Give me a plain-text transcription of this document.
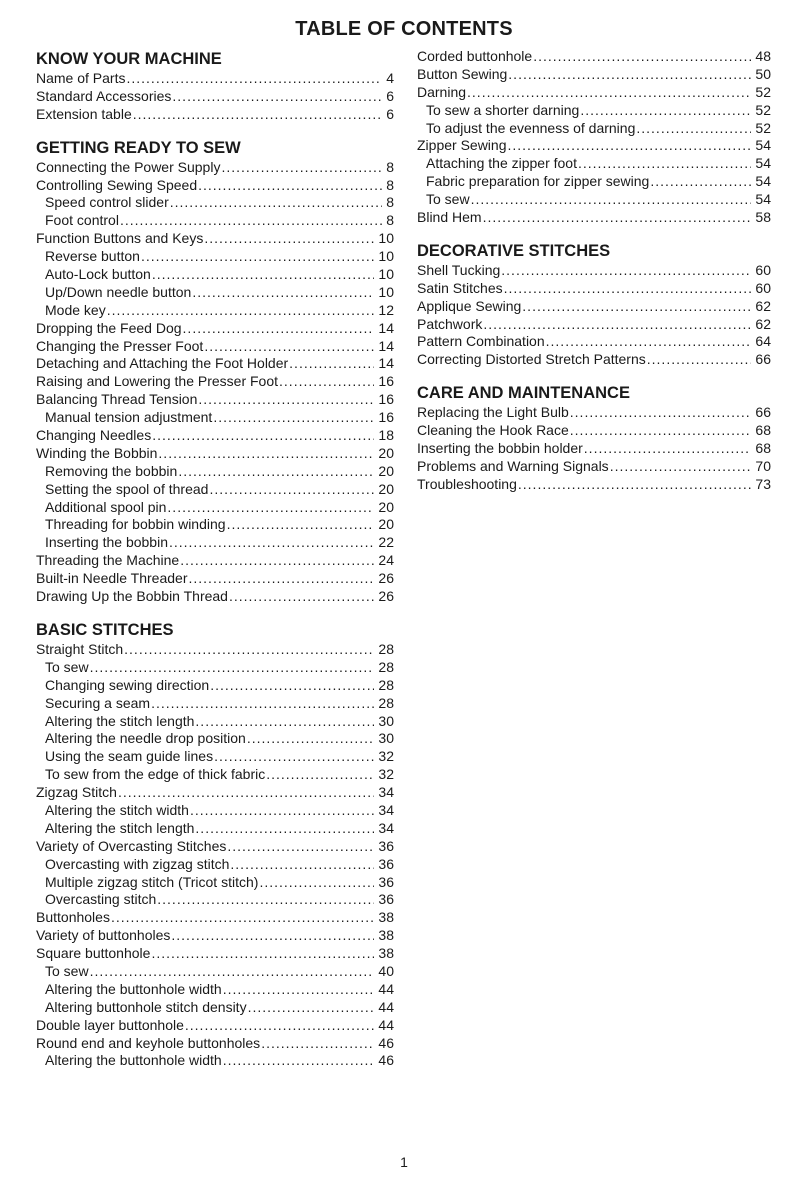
TABLE OF CONTENTS
KNOW YOUR MACHINE
Name of Parts .....	4
Standard Accessories .....	6
Extension table .....	6
GETTING READY TO SEW
Connecting the Power Supply .....	8
Controlling Sewing Speed .....	8
Speed control slider .....	8
Foot control .....	8
Function Buttons and Keys .....	10
Reverse button .....	10
Auto-Lock button .....	10
Up/Down needle button .....	10
Mode key .....	12
Dropping the Feed Dog .....	14
Changing the Presser Foot .....	14
Detaching and Attaching the Foot Holder .....	14
Raising and Lowering the Presser Foot .....	16
Balancing Thread Tension .....	16
Manual tension adjustment .....	16
Changing Needles .....	18
Winding the Bobbin .....	20
Removing the bobbin .....	20
Setting the spool of thread .....	20
Additional spool pin .....	20
Threading for bobbin winding .....	20
Inserting the bobbin .....	22
Threading the Machine .....	24
Built-in Needle Threader .....	26
Drawing Up the Bobbin Thread .....	26
BASIC STITCHES
Straight Stitch .....	28
To sew .....	28
Changing sewing direction .....	28
Securing a seam .....	28
Altering the stitch length .....	30
Altering the needle drop position .....	30
Using the seam guide lines .....	32
To sew from the edge of thick fabric .....	32
Zigzag Stitch .....	34
Altering the stitch width .....	34
Altering the stitch length .....	34
Variety of Overcasting Stitches .....	36
Overcasting with zigzag stitch .....	36
Multiple zigzag stitch (Tricot stitch) .....	36
Overcasting stitch .....	36
Buttonholes .....	38
Variety of buttonholes .....	38
Square buttonhole .....	38
To sew .....	40
Altering the buttonhole width .....	44
Altering buttonhole stitch density .....	44
Double layer buttonhole .....	44
Round end and keyhole buttonholes .....	46
Altering the buttonhole width .....	46
Corded buttonhole .....	48
Button Sewing .....	50
Darning .....	52
To sew a shorter darning .....	52
To adjust the evenness of darning .....	52
Zipper Sewing .....	54
Attaching the zipper foot .....	54
Fabric preparation for zipper sewing .....	54
To sew .....	54
Blind Hem .....	58
DECORATIVE STITCHES
Shell Tucking .....	60
Satin Stitches .....	60
Applique Sewing .....	62
Patchwork .....	62
Pattern Combination .....	64
Correcting Distorted Stretch Patterns .....	66
CARE AND MAINTENANCE
Replacing the Light Bulb .....	66
Cleaning the Hook Race .....	68
Inserting the bobbin holder .....	68
Problems and Warning Signals .....	70
Troubleshooting .....	73
1
